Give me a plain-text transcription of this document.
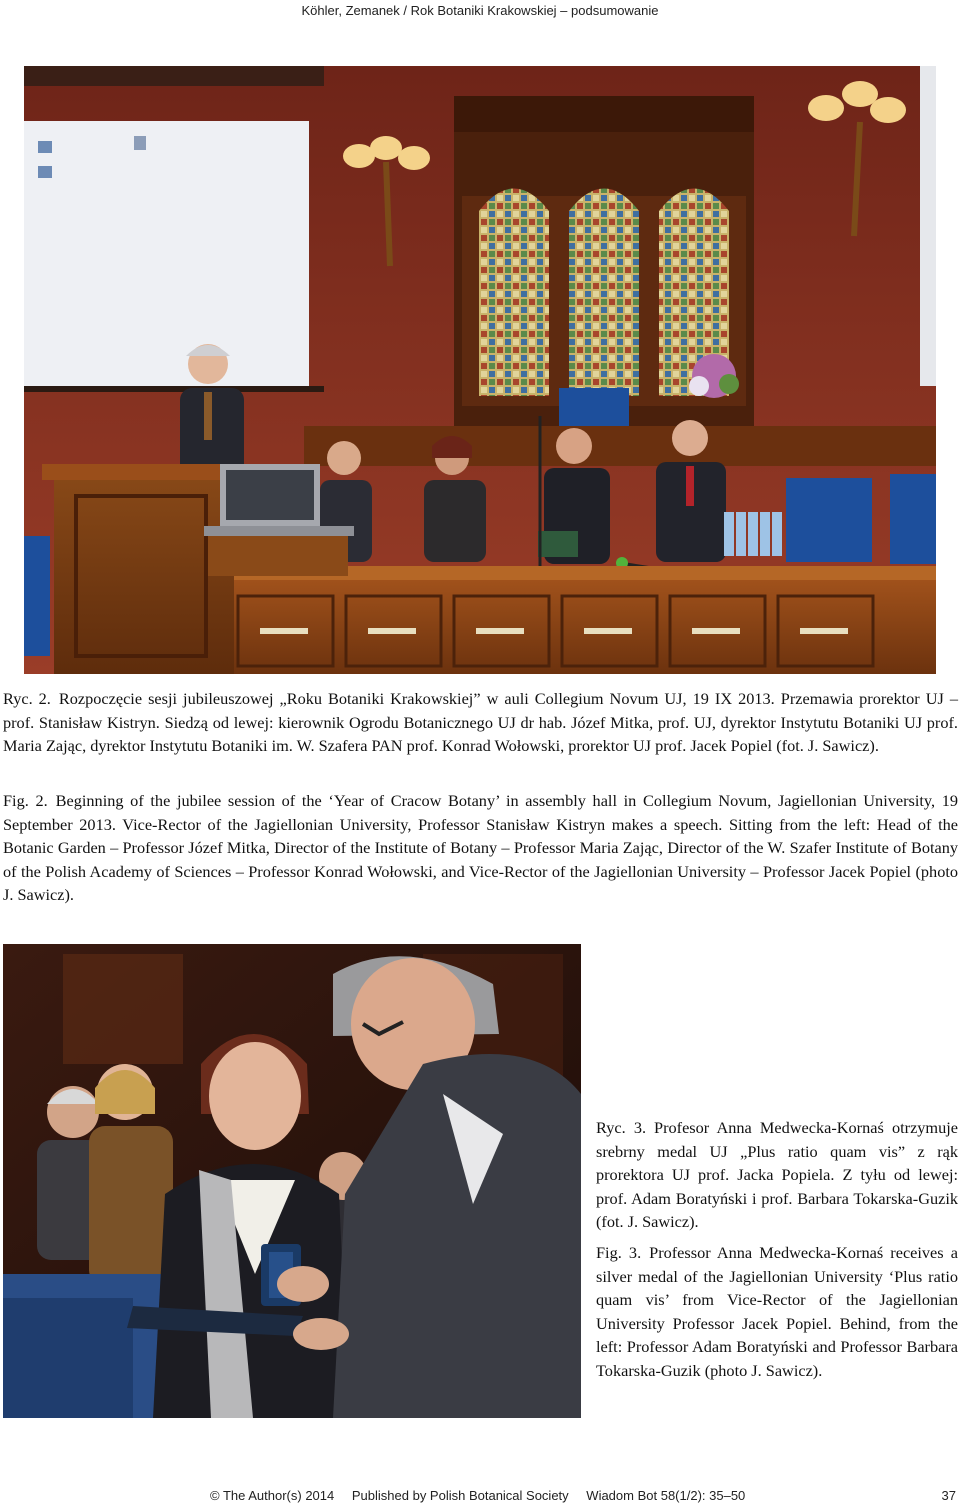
Köhler, Zemanek / Rok Botaniki Krakowskiej – podsumowanie

Ryc. 2. Rozpoczęcie sesji jubileuszowej „Roku Botaniki Krakowskiej” w auli Collegium Novum UJ, 19 IX 2013. Przemawia prorektor UJ – prof. Stanisław Kistryn. Siedzą od lewej: kierownik Ogrodu Botanicznego UJ dr hab. Józef Mitka, prof. UJ, dyrektor Instytutu Botaniki UJ prof. Maria Zając, dyrektor Instytutu Botaniki im. W. Szafera PAN prof. Konrad Wołowski, prorektor UJ prof. Jacek Popiel (fot. J. Sawicz).

Fig. 2. Beginning of the jubilee session of the ‘Year of Cracow Botany’ in assembly hall in Collegium Novum, Jagiellonian University, 19 September 2013. Vice-Rector of the Jagiellonian University, Professor Stanisław Kistryn makes a speech. Sitting from the left: Head of the Botanic Garden – Professor Józef Mitka, Director of the Institute of Botany – Professor Maria Zając, Director of the W. Szafer Institute of Botany of the Polish Academy of Sciences – Professor Konrad Wołowski, and Vice-Rector of the Jagiellonian University – Professor Jacek Popiel (photo J. Sawicz).

Ryc. 3. Profesor Anna Medwecka-Kornaś otrzymuje srebrny medal UJ „Plus ratio quam vis” z rąk prorektora UJ prof. Jacka Popiela. Z tyłu od lewej: prof. Adam Boratyński i prof. Barbara Tokarska-Guzik (fot. J. Sawicz).

Fig. 3. Professor Anna Medwecka-Kornaś receives a silver medal of the Jagiellonian University ‘Plus ratio quam vis’ from Vice-Rector of the Jagiellonian University Professor Jacek Popiel. Behind, from the left: Professor Adam Boratyński and Professor Barbara Tokarska-Guzik (photo J. Sawicz).

© The Author(s) 2014 Published by Polish Botanical Society Wiadom Bot 58(1/2): 35–50	37
